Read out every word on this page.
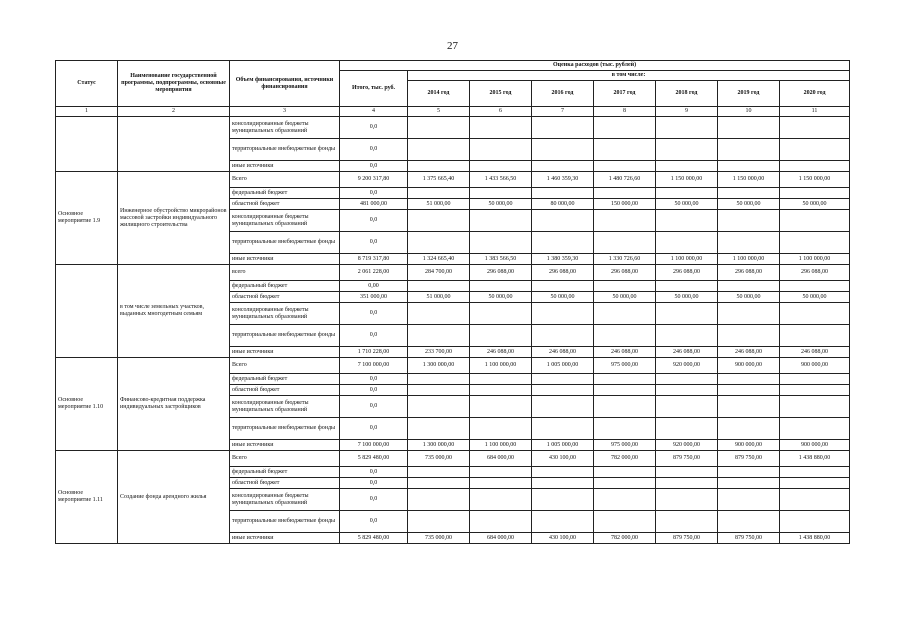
27
Статус	Наименование государственной программы, подпрограммы, основные мероприятия	Объем финансирования, источники финансирования	Оценка расходов (тыс. рублей)							
			Итого, тыс. руб.	в том числе:						
				2014 год	2015 год	2016 год	2017 год	2018 год	2019 год	2020 год
1	2	3	4	5	6	7	8	9	10	11
		консолидированные бюджеты муниципальных образований	0,0							
		территориальные внебюджетные фонды	0,0							
		иные источники	0,0							
Основное мероприятие 1.9	Инженерное обустройство микрорайонов массовой застройки индивидуального жилищного строительства	Всего	9 200 317,80	1 375 665,40	1 433 566,50	1 460 359,30	1 480 726,60	1 150 000,00	1 150 000,00	1 150 000,00
		федеральный бюджет	0,0							
		областной бюджет	481 000,00	51 000,00	50 000,00	80 000,00	150 000,00	50 000,00	50 000,00	50 000,00
		консолидированные бюджеты муниципальных образований	0,0							
		территориальные внебюджетные фонды	0,0							
		иные источники	8 719 317,80	1 324 665,40	1 383 566,50	1 380 359,30	1 330 726,60	1 100 000,00	1 100 000,00	1 100 000,00
	в том числе земельных участков, выданных многодетным семьям	всего	2 061 228,00	284 700,00	296 088,00	296 088,00	296 088,00	296 088,00	296 088,00	296 088,00
		федеральный бюджет	0,00							
		областной бюджет	351 000,00	51 000,00	50 000,00	50 000,00	50 000,00	50 000,00	50 000,00	50 000,00
		консолидированные бюджеты муниципальных образований	0,0							
		территориальные внебюджетные фонды	0,0							
		иные источники	1 710 228,00	233 700,00	246 088,00	246 088,00	246 088,00	246 088,00	246 088,00	246 088,00
Основное мероприятие 1.10	Финансово-кредитная поддержка индивидуальных застройщиков	Всего	7 100 000,00	1 300 000,00	1 100 000,00	1 005 000,00	975 000,00	920 000,00	900 000,00	900 000,00
		федеральный бюджет	0,0							
		областной бюджет	0,0							
		консолидированные бюджеты муниципальных образований	0,0							
		территориальные внебюджетные фонды	0,0							
		иные источники	7 100 000,00	1 300 000,00	1 100 000,00	1 005 000,00	975 000,00	920 000,00	900 000,00	900 000,00
Основное мероприятие 1.11	Создание фонда арендного жилья	Всего	5 829 480,00	735 000,00	684 000,00	430 100,00	782 000,00	879 750,00	879 750,00	1 438 880,00
		федеральный бюджет	0,0							
		областной бюджет	0,0							
		консолидированные бюджеты муниципальных образований	0,0							
		территориальные внебюджетные фонды	0,0							
		иные источники	5 829 480,00	735 000,00	684 000,00	430 100,00	782 000,00	879 750,00	879 750,00	1 438 880,00
